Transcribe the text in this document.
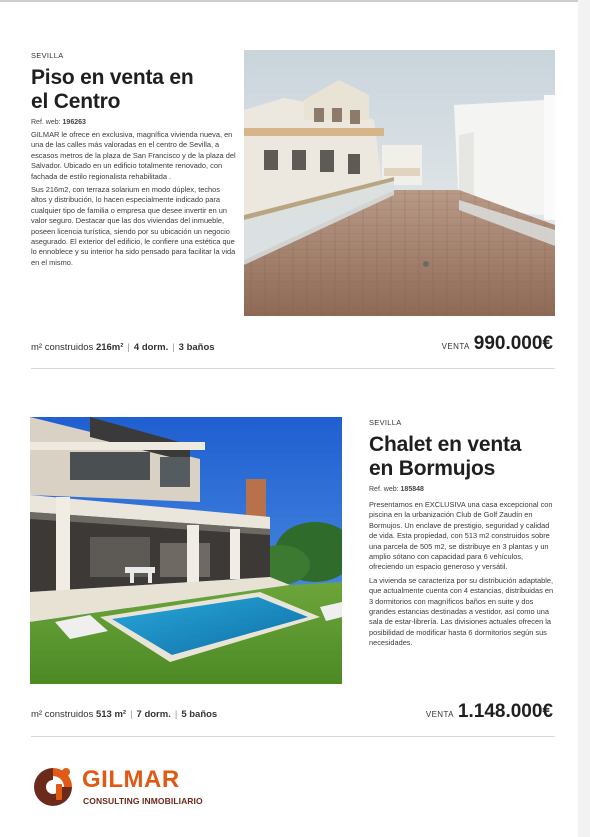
SEVILLA
Piso en venta en
el Centro
Ref. web: 196263

GILMAR le ofrece en exclusiva, magnífica vivienda nueva, en una de las calles más valoradas en el centro de Sevilla, a escasos metros de la plaza de San Francisco y de la plaza del Salvador. Ubicado en un edificio totalmente renovado, con fachada de estilo regionalista rehabilitada .

Sus 216m2, con terraza solarium en modo dúplex, techos altos y distribución, lo hacen especialmente indicado para cualquier tipo de familia o empresa que desee invertir en un valor seguro. Destacar que las dos viviendas del inmueble, poseen licencia turística, siendo por su ubicación un negocio asegurado. El exterior del edificio, le confiere una estética que lo ennoblece y su interior ha sido pensado para facilitar la vida en el mismo.

m² construidos 216m² | 4 dorm. | 3 baños	VENTA 990.000€
SEVILLA
Chalet en venta
en Bormujos
Ref. web: 185848

Presentamos en EXCLUSIVA una casa excepcional con piscina en la urbanización Club de Golf Zaudín en Bormujos. Un enclave de prestigio, seguridad y calidad de vida. Esta propiedad, con 513 m2 construidos sobre una parcela de 505 m2, se distribuye en 3 plantas y un amplio sótano con capacidad para 6 vehículos, ofreciendo un espacio generoso y versátil.

La vivienda se caracteriza por su distribución adaptable, que actualmente cuenta con 4 estancias, distribuidas en 3 dormitorios con magníficos baños en suite y dos grandes estancias destinadas a vestidor, así como una sala de estar-librería. Las divisiones actuales ofrecen la posibilidad de modificar hasta 6 dormitorios según sus necesidades.

m² construidos 513 m² | 7 dorm. | 5 baños	VENTA 1.148.000€
GILMAR
CONSULTING INMOBILIARIO
